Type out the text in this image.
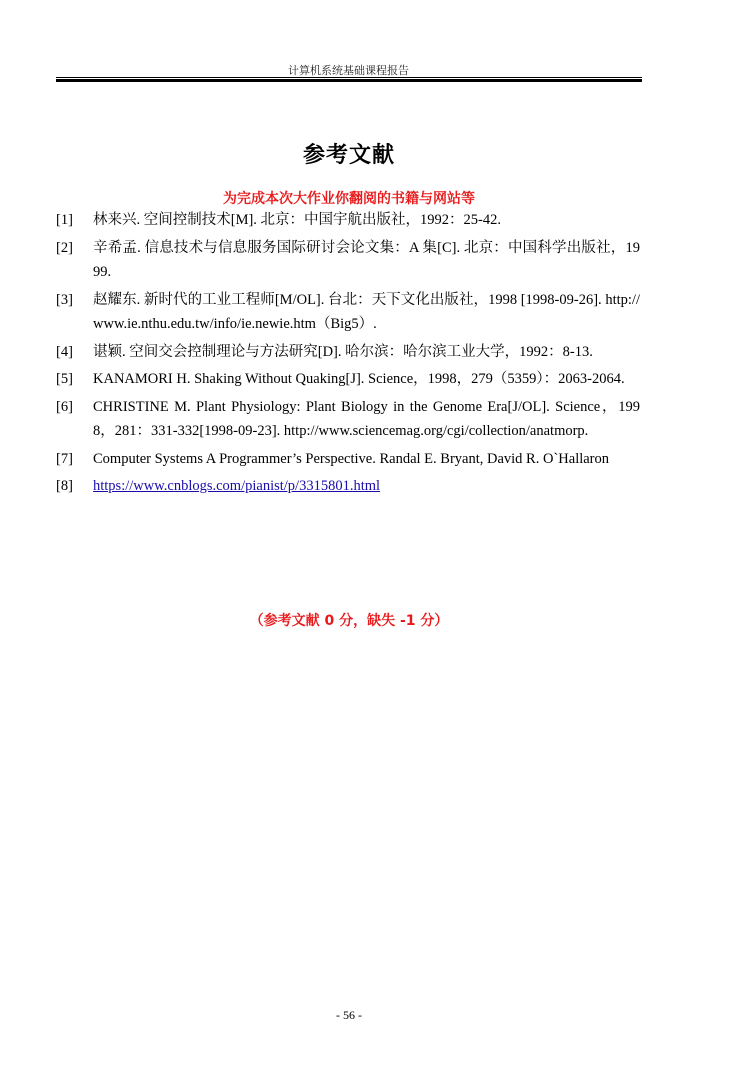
计算机系统基础课程报告
参考文献
为完成本次大作业你翻阅的书籍与网站等
[1]	林来兴. 空间控制技术[M]. 北京：中国宇航出版社，1992：25-42.
[2]	辛希孟. 信息技术与信息服务国际研讨会论文集：A 集[C]. 北京：中国科学出版社，1999.
[3]	赵耀东. 新时代的工业工程师[M/OL]. 台北：天下文化出版社，1998 [1998-09-26]. http://www.ie.nthu.edu.tw/info/ie.newie.htm（Big5）.
[4]	谌颖. 空间交会控制理论与方法研究[D]. 哈尔滨：哈尔滨工业大学，1992：8-13.
[5]	KANAMORI H. Shaking Without Quaking[J]. Science，1998，279（5359）：2063-2064.
[6]	CHRISTINE M. Plant Physiology: Plant Biology in the Genome Era[J/OL]. Science，1998，281：331-332[1998-09-23]. http://www.sciencemag.org/cgi/collection/anatmorp.
[7]	Computer Systems A Programmer’s Perspective. Randal E. Bryant, David R. O`Hallaron
[8]	https://www.cnblogs.com/pianist/p/3315801.html
（参考文献 0 分，缺失 -1 分）
- 56 -
